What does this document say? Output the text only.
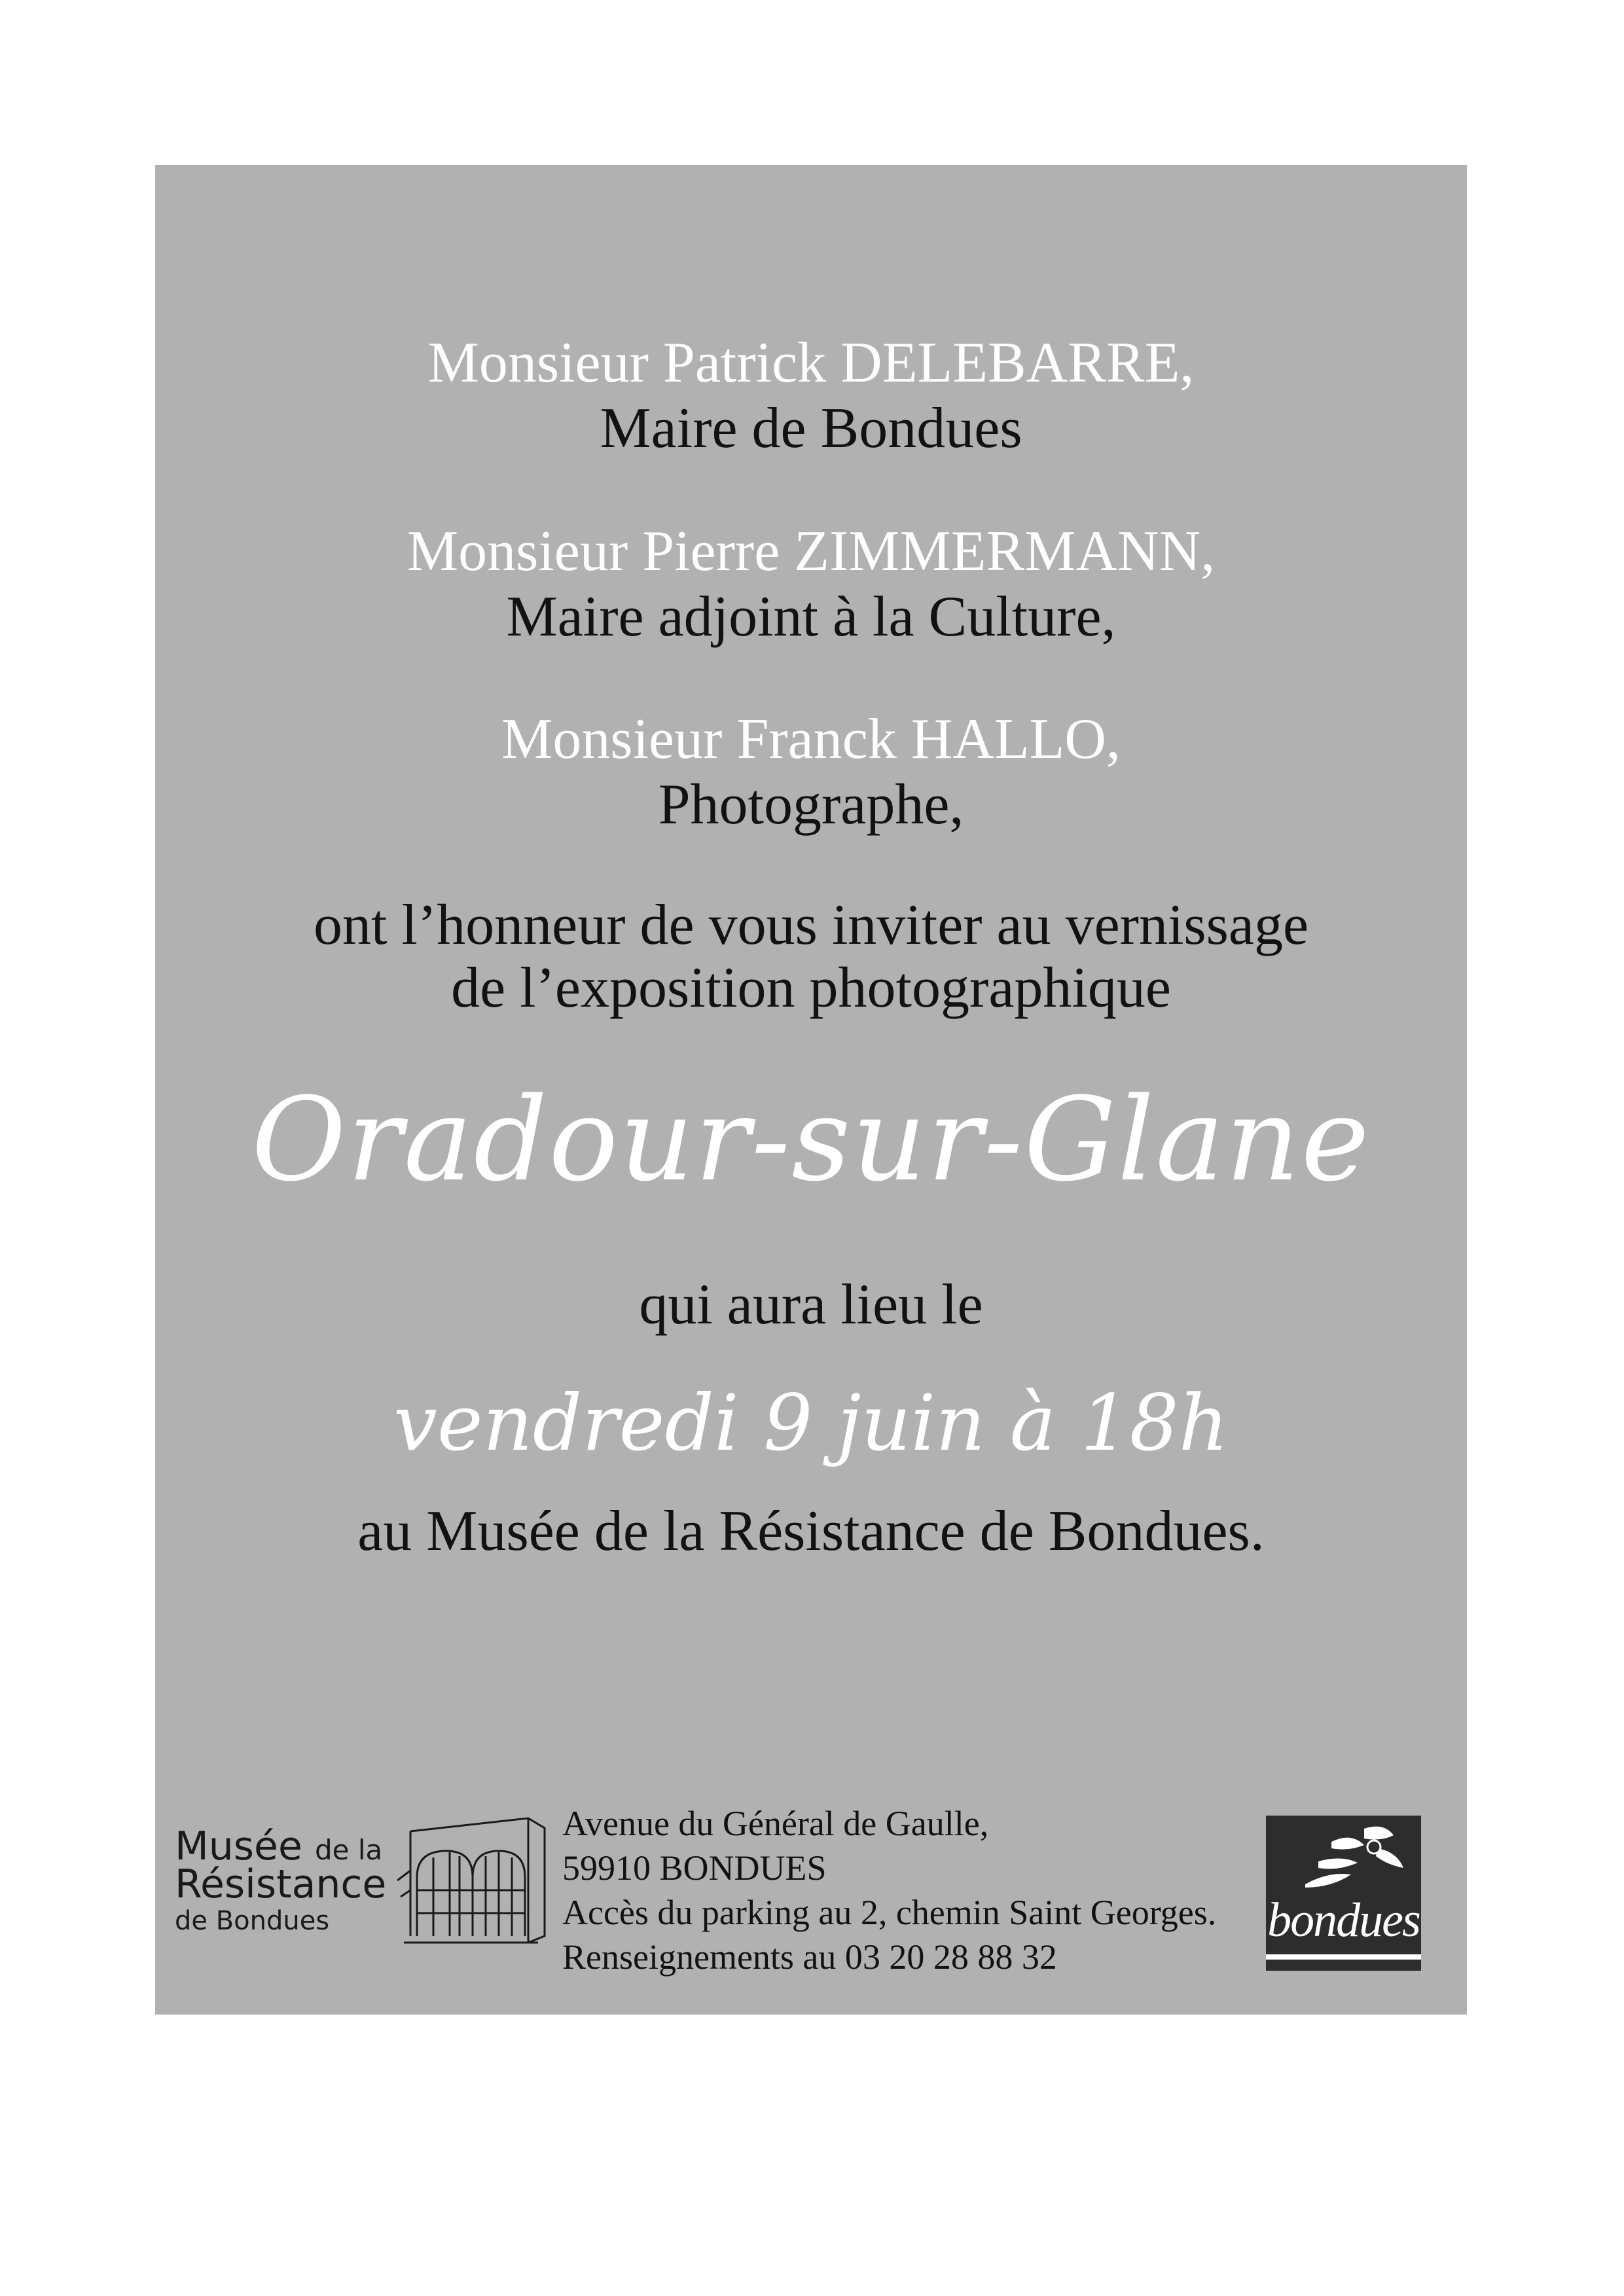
Monsieur Patrick DELEBARRE,
Maire de Bondues
Monsieur Pierre ZIMMERMANN,
Maire adjoint à la Culture,
Monsieur Franck HALLO,
Photographe,
ont l’honneur de vous inviter au vernissage
de l’exposition photographique
Oradour-sur-Glane
qui aura lieu le
vendredi 9 juin à 18h
au Musée de la Résistance de Bondues.
Musée de la
Résistance
de Bondues
Avenue du Général de Gaulle,
59910 BONDUES
Accès du parking au 2, chemin Saint Georges.
Renseignements au 03 20 28 88 32
bondues
